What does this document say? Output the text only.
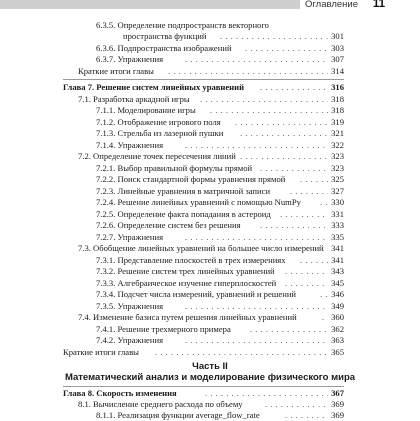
Оглавление 11
6.3.5. Определение подпространств векторного
пространства функций . . .	301
6.3.6. Подпространства изображений . . .	303
6.3.7. Упражнения . . .	307
Краткие итоги главы . . .	314
Глава 7. Решение систем линейных уравнений . . .	316
7.1. Разработка аркадной игры . . .	318
7.1.1. Моделирование игры . . .	318
7.1.2. Отображение игрового поля . . .	319
7.1.3. Стрельба из лазерной пушки . . .	321
7.1.4. Упражнения . . .	322
7.2. Определение точек пересечения линий . . .	323
7.2.1. Выбор правильной формулы прямой . . .	323
7.2.2. Поиск стандартной формы уравнения прямой . . .	325
7.2.3. Линейные уравнения в матричной записи . . .	327
7.2.4. Решение линейных уравнений с помощью NumPy . . .	330
7.2.5. Определение факта попадания в астероид . . .	331
7.2.6. Определение систем без решения . . .	333
7.2.7. Упражнения . . .	335
7.3. Обобщение линейных уравнений на большее число измерений . . . 341
7.3.1. Представление плоскостей в трех измерениях . . .	341
7.3.2. Решение систем трех линейных уравнений . . .	343
7.3.3. Алгебраическое изучение гиперплоскостей . . .	345
7.3.4. Подсчет числа измерений, уравнений и решений . . .	346
7.3.5. Упражнения . . .	349
7.4. Изменение базиса путем решения линейных уравнений . . .	360
7.4.1. Решение трехмерного примера . . .	362
7.4.2. Упражнения . . .	363
Краткие итоги главы . . .	365
Часть II
Математический анализ и моделирование физического мира
Глава 8. Скорость изменения . . .	367
8.1. Вычисление среднего расхода по объему . . .	369
8.1.1. Реализация функции average_flow_rate . . .	369
